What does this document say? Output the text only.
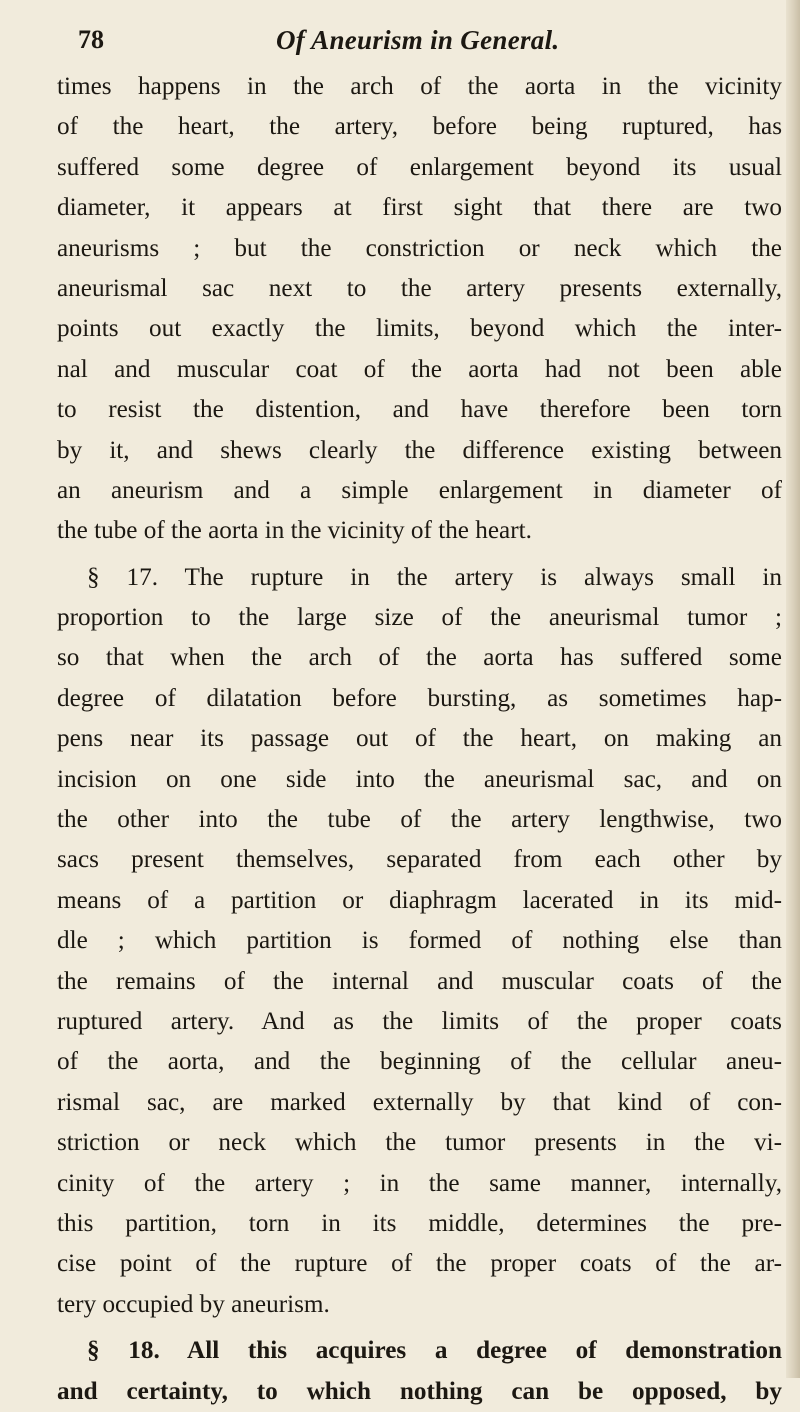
78	Of Aneurism in General.
times happens in the arch of the aorta in the vicinity
of the heart, the artery, before being ruptured, has
suffered some degree of enlargement beyond its usual
diameter, it appears at first sight that there are two
aneurisms ; but the constriction or neck which the
aneurismal sac next to the artery presents externally,
points out exactly the limits, beyond which the inter-
nal and muscular coat of the aorta had not been able
to resist the distention, and have therefore been torn
by it, and shews clearly the difference existing between
an aneurism and a simple enlargement in diameter of
the tube of the aorta in the vicinity of the heart.
§ 17. The rupture in the artery is always small in
proportion to the large size of the aneurismal tumor ;
so that when the arch of the aorta has suffered some
degree of dilatation before bursting, as sometimes hap-
pens near its passage out of the heart, on making an
incision on one side into the aneurismal sac, and on
the other into the tube of the artery lengthwise, two
sacs present themselves, separated from each other by
means of a partition or diaphragm lacerated in its mid-
dle ; which partition is formed of nothing else than
the remains of the internal and muscular coats of the
ruptured artery. And as the limits of the proper coats
of the aorta, and the beginning of the cellular aneu-
rismal sac, are marked externally by that kind of con-
striction or neck which the tumor presents in the vi-
cinity of the artery ; in the same manner, internally,
this partition, torn in its middle, determines the pre-
cise point of the rupture of the proper coats of the ar-
tery occupied by aneurism.
§ 18. All this acquires a degree of demonstration
and certainty, to which nothing can be opposed, by
